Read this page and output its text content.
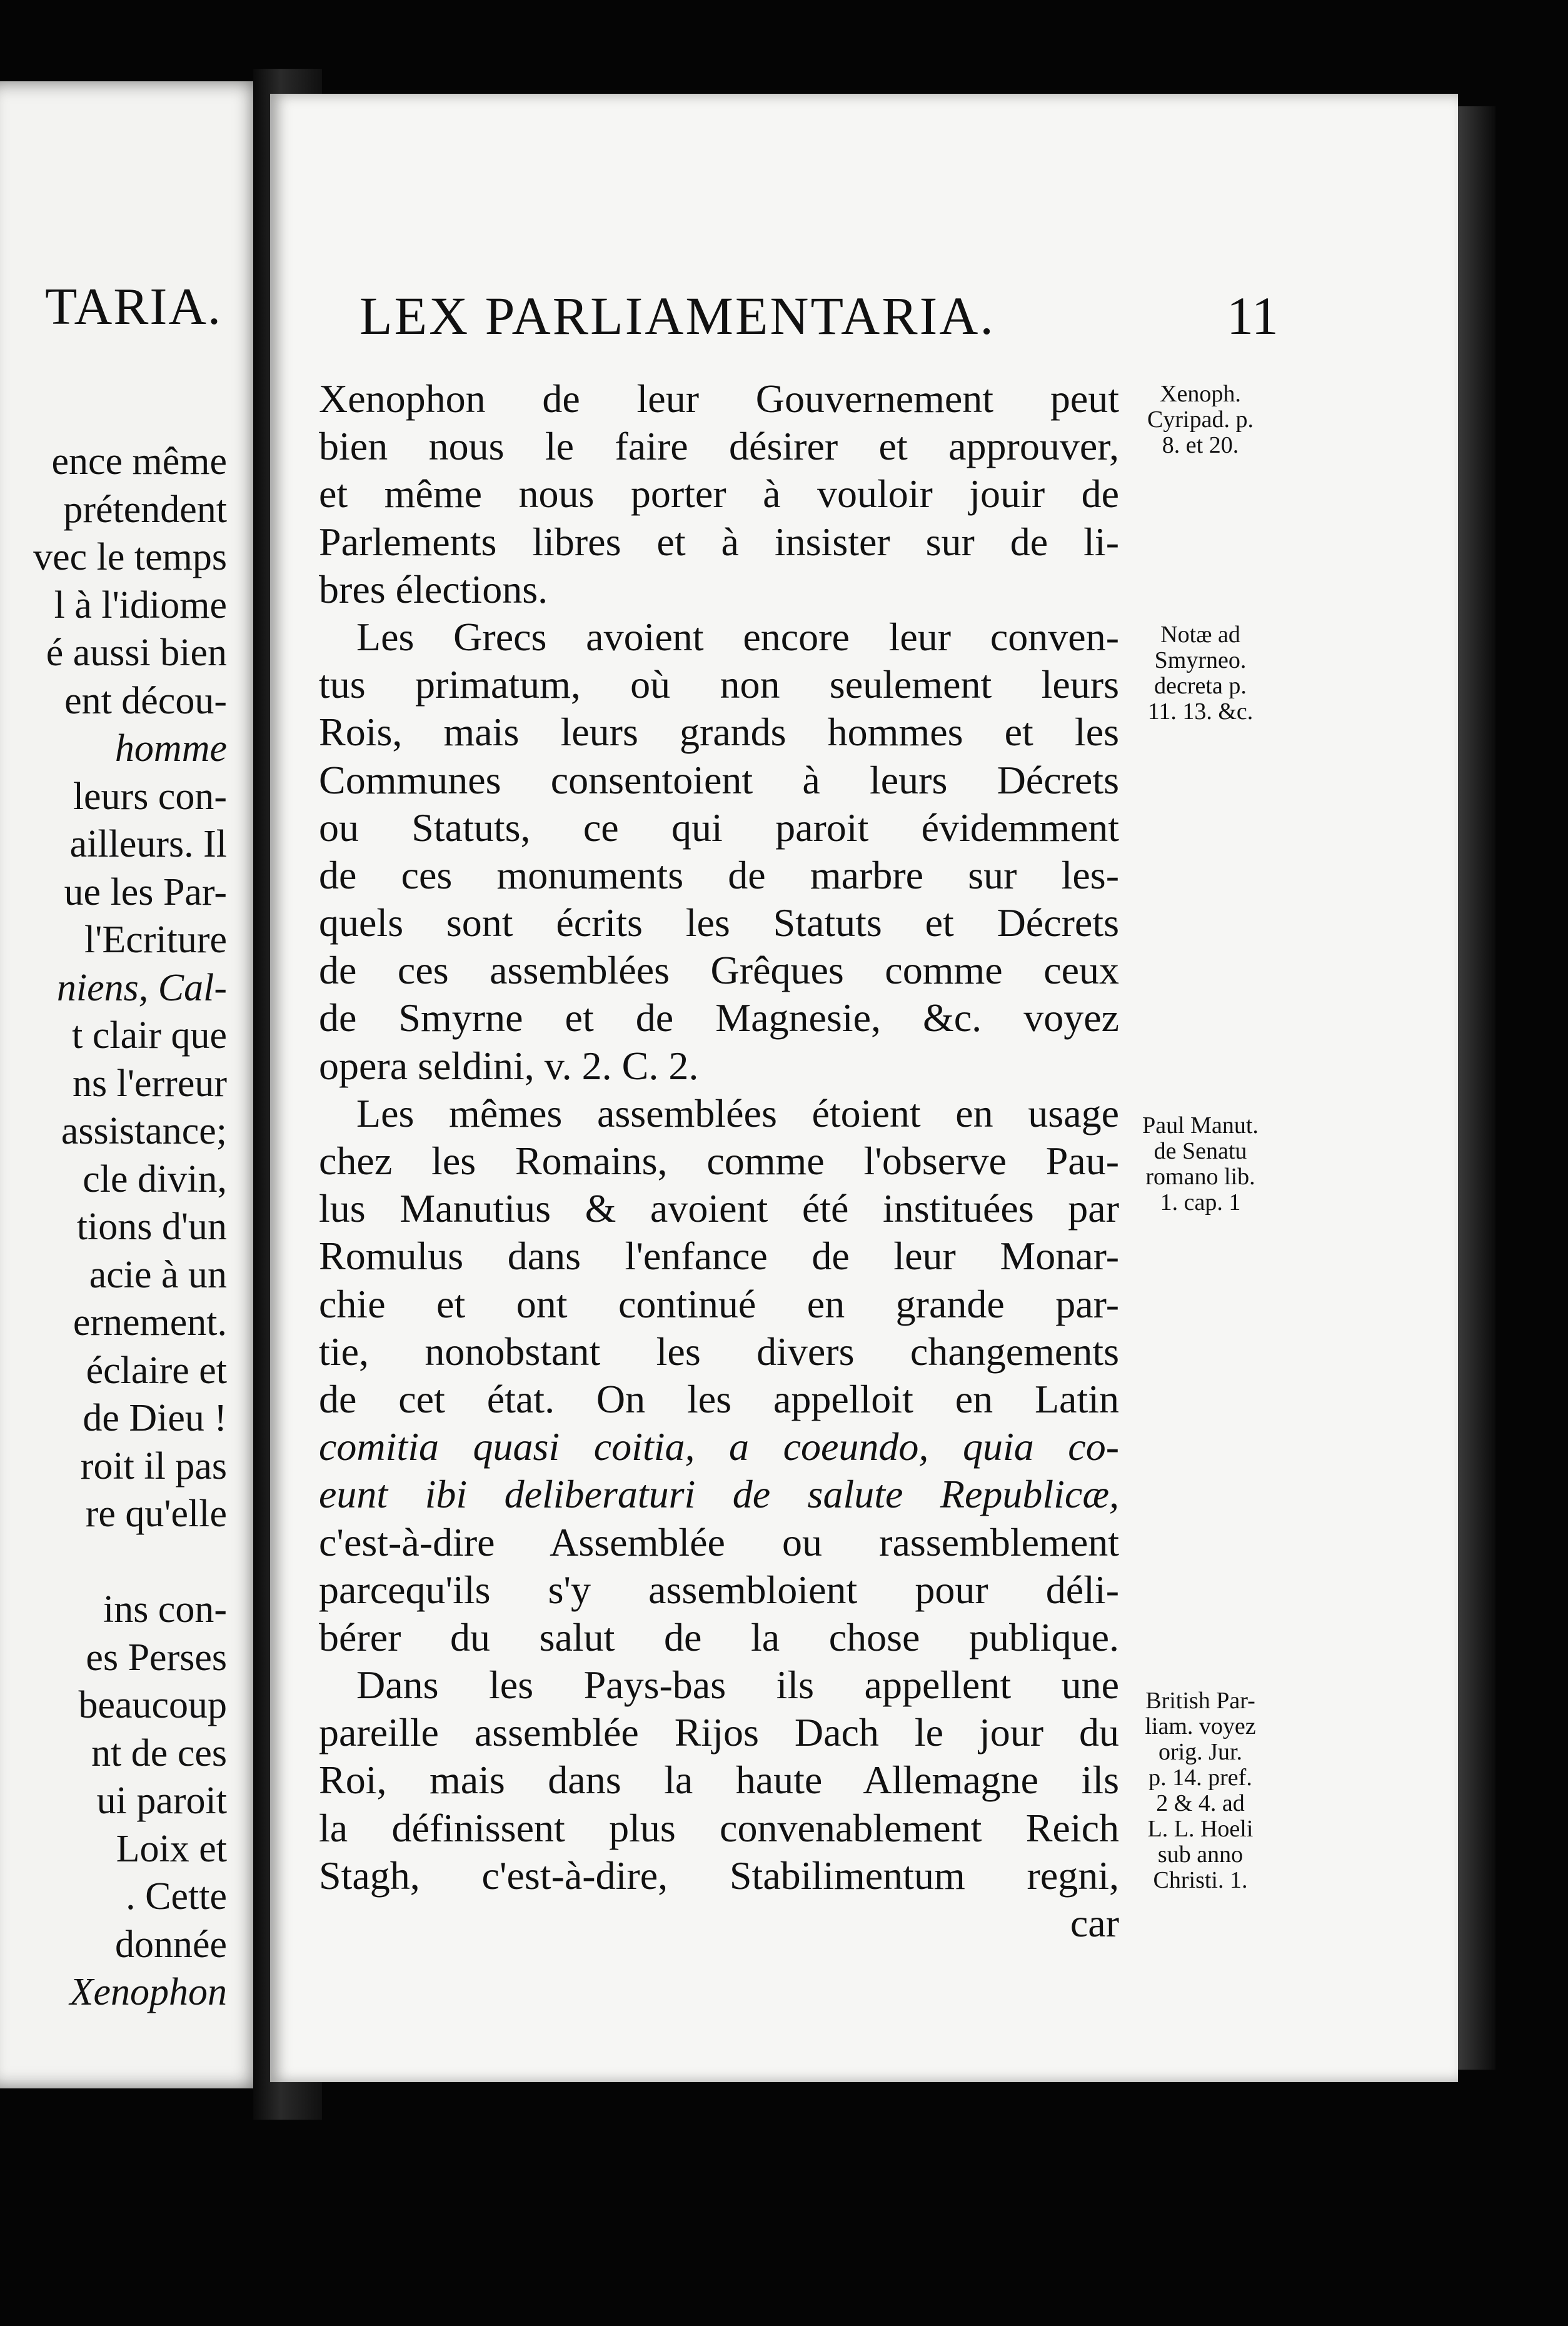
TARIA.
ence même
prétendent
vec le temps
l à l'idiome
é aussi bien
ent décou-
homme
leurs con-
ailleurs. Il
ue les Par-
l'Ecriture
niens, Cal-
t clair que
ns l'erreur
assistance;
cle divin,
tions d'un
acie à un
ernement.
éclaire et
de Dieu !
roit il pas
re qu'elle
ins con-
es Perses
beaucoup
nt de ces
ui paroit
Loix et
. Cette
donnée
Xenophon
LEX PARLIAMENTARIA.	11
Xenophon de leur Gouvernement peut
bien nous le faire désirer et approuver,
et même nous porter à vouloir jouir de
Parlements libres et à insister sur de li-
bres élections.
Les Grecs avoient encore leur conven-
tus primatum, où non seulement leurs
Rois, mais leurs grands hommes et les
Communes consentoient à leurs Décrets
ou Statuts, ce qui paroit évidemment
de ces monuments de marbre sur les-
quels sont écrits les Statuts et Décrets
de ces assemblées Grêques comme ceux
de Smyrne et de Magnesie, &c. voyez
opera seldini, v. 2. C. 2.
Les mêmes assemblées étoient en usage
chez les Romains, comme l'observe Pau-
lus Manutius & avoient été instituées par
Romulus dans l'enfance de leur Monar-
chie et ont continué en grande par-
tie, nonobstant les divers changements
de cet état. On les appelloit en Latin
comitia quasi coitia, a coeundo, quia co-
eunt ibi deliberaturi de salute Republicæ,
c'est-à-dire Assemblée ou rassemblement
parcequ'ils s'y assembloient pour déli-
bérer du salut de la chose publique.
Dans les Pays-bas ils appellent une
pareille assemblée Rijos Dach le jour du
Roi, mais dans la haute Allemagne ils
la définissent plus convenablement Reich
Stagh, c'est-à-dire, Stabilimentum regni,
car
Xenoph.
Cyripad. p.
8. et 20.
Notæ ad
Smyrneo.
decreta p.
11. 13. &c.
Paul Manut.
de Senatu
romano lib.
1. cap. 1
British Par-
liam. voyez
orig. Jur.
p. 14. pref.
2 & 4. ad
L. L. Hoeli
sub anno
Christi. 1.
